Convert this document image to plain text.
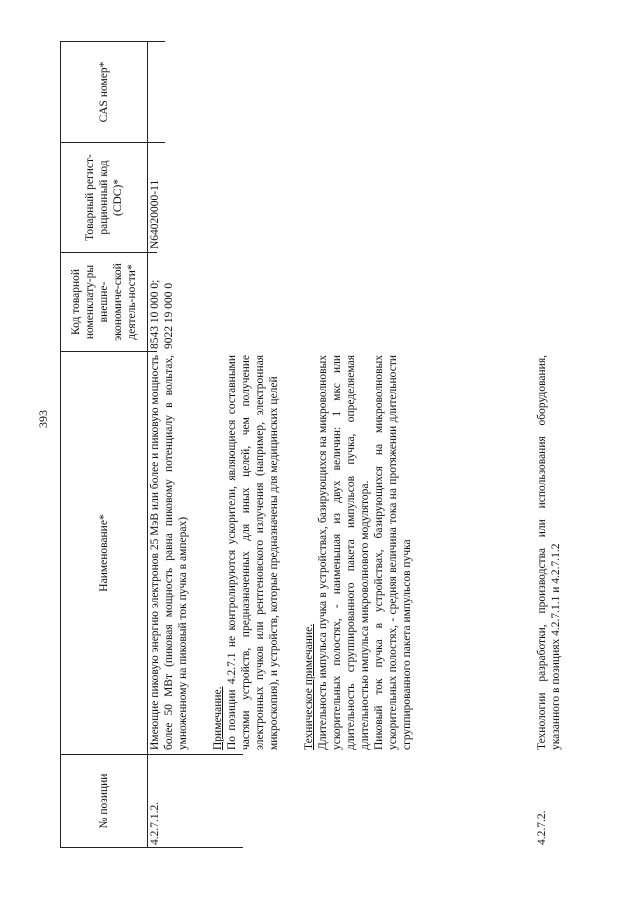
393
№ позиции
Наименование*
Код товарной номенклату-ры внешне-экономиче-ской деятель-ности*
Товарный регист-рационный код (CDC)*
CAS номер*
4.2.7.1.2.

Имеющие пиковую энергию электронов 25 МэВ или более и пиковую мощность более 50 МВт (пиковая мощность равна пиковому потенциалу в вольтах, умноженному на пиковый ток пучка в амперах) Примечание. По позиции 4.2.7.1 не контролируются ускорители, являющиеся составными частями устройств, предназначенных для иных целей, чем получение электронных пучков или рентгеновского излучения (например, электронная микроскопия), и устройств, которые предназначены для медицинских целей Техническое примечание. Длительность импульса пучка в устройствах, базирующихся на микроволновых ускорительных полостях, - наименьшая из двух величин: 1 мкс или длительность сгруппированного пакета импульсов пучка, определяемая длительностью импульса микроволнового модулятора. Пиковый ток пучка в устройствах, базирующихся на микроволновых ускорительных полостях, - средняя величина тока на протяжении длительности сгруппированного пакета импульсов пучка

8543 10 000 0; 9022 19 000 0
N64020000-11
4.2.7.2.
Технологии разработки, производства или использования оборудования, указанного в позициях 4.2.7.1.1 и 4.2.7.1.2
